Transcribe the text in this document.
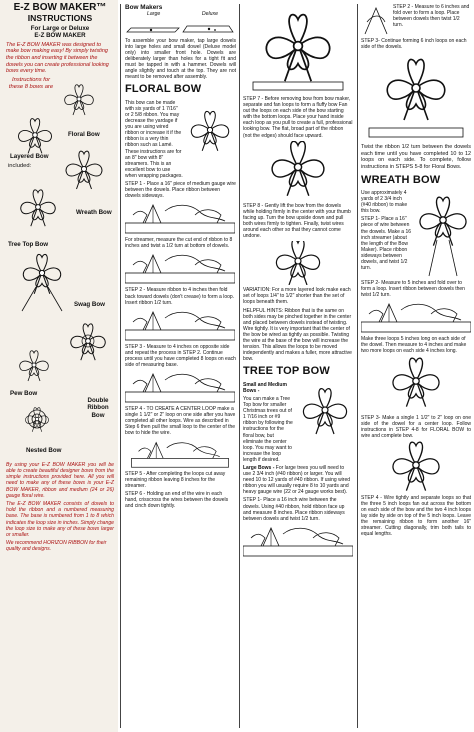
E-Z BOW MAKER™
INSTRUCTIONS
For Large or Deluxe
E-Z BOW MAKER
The E-Z BOW MAKER was designed to make bow making easy! By simply twisting the ribbon and inserting it between the dowels you can create professional looking bows every time.
Instructions for these 8 bows are
included:
Floral Bow
Layered Bow
Wreath Bow
Tree Top Bow
Swag Bow
Pew Bow
Double Ribbon Bow
Nested Bow
By using your E-Z BOW MAKER you will be able to create beautiful designer bows from the simple instructions provided here. All you will need to make any of these bows is your E-Z BOW MAKER, ribbon and medium (24 or 26) gauge floral wire.
The E-Z BOW MAKER consists of dowels to hold the ribbon and a numbered measuring base. The base is numbered from 1 to 8 which indicates the loop size in inches. Simply change the loop size to make any of these bows larger or smaller.
We recommend HORIZON RIBBON for their quality and designs.
Bow Makers
Large	Deluxe
To assemble your bow maker, tap large dowels into large holes and small dowel (Deluxe model only) into smaller front hole. Dowels are deliberately larger than holes for a tight fit and must be tapped in with a hammer. Dowels will angle slightly and touch at the top. They are not meant to be removed after assembly.
FLORAL BOW
This bow can be made with six yards of 1 7/16" or 2 5/8 ribbon. You may decrease the yardage if you are using wired ribbon or increase it if the ribbon is a very thin ribbon such as Lamé. These instructions are for an 8" bow with 8" streamers. This is an excellent bow to use when wrapping packages.
STEP 1 - Place a 16" piece of medium gauge wire between the dowels. Place ribbon between dowels sideways.
For streamer, measure the cut end of ribbon to 8 inches and twist a 1/2 turn at bottom of dowels.
STEP 2 - Measure ribbon to 4 inches then fold back toward dowels (don't crease) to form a loop. Insert ribbon 1/2 turn.
STEP 3 - Measure to 4 inches on opposite side and repeat the process in STEP 2. Continue process until you have completed 8 loops on each side of measuring base.
STEP 4 - TO CREATE A CENTER LOOP make a single 1 1/2" or 2" loop on one side after you have completed all other loops. Wire as described in Step 6 then pull the small loop to the center of the bow to hide the wire.
STEP 5 - After completing the loops cut away remaining ribbon leaving 8 inches for the streamer.
STEP 6 - Holding an end of the wire in each hand, crisscross the wires between the dowels and cinch down tightly.
STEP 7 - Before removing bow from bow maker, separate and fan loops to form a fluffy bow Fan out the loops on each side of the bow starting with the bottom loops. Place your hand inside each loop as you pull to create a full, professional looking bow. The flat, broad part of the ribbon (not the edges) should face upward.
STEP 8 - Gently lift the bow from the dowels while holding firmly in the center with your thumb facing up. Turn the bow upside down and pull both wires firmly to tighten. Finally, twist wires around each other so that they cannot come undone.
VARIATION: For a more layered look make each set of loops 1/4" to 1/2" shorter than the set of loops beneath them.
HELPFUL HINTS: Ribbon that is the same on both sides may be pinched together in the center and placed between dowels instead of twisting. Wire tightly. It is very important that the center of the bow be wired as tightly as possible. Twisting the wire at the base of the bow will increase the tension. This allows the loops to be moved independently and makes a fuller, more attractive bow.
TREE TOP BOW
Small and Medium Bows -
You can make a Tree Top bow for smaller Christmas trees out of 1 7/16 inch or #9 ribbon by following the instructions for the floral bow, but eliminate the center loop. You may want to increase the loop length if desired.
Large Bows - For large trees you will need to use 2 3/4 inch (#40 ribbon) or larger. You will need 10 to 12 yards of #40 ribbon. If using wired ribbon you will usually require 8 to 10 yards and heavy gauge wire (22 or 24 gauge works best).
STEP 1- Place a 16 inch wire between the dowels. Using #40 ribbon, hold ribbon face up and measure 8 inches. Place ribbon sideways between dowels and twist 1/2 turn.
STEP 2 - Measure to 6 inches and fold over to form a loop. Place between dowels then twist 1/2 turn.
STEP 3- Continue forming 6 inch loops on each side of the dowels.
Twist the ribbon 1/2 turn between the dowels each time until you have completed 10 to 12 loops on each side. To complete, follow instructions in STEPS 5-8 for Floral Bows.
WREATH BOW
Use approximately 4 yards of 2 3/4 inch (#40 ribbon) to make this bow.
STEP 1- Place a 16" piece of wire between the dowels. Make a 16 inch streamer (about the length of the Bow Maker). Place ribbon sideways between dowels, and twist 1/2 turn.
STEP 2- Measure to 5 inches and fold over to form a loop. Insert ribbon between dowels then twist 1/2 turn.
Make three loops 5 inches long on each side of the dowel. Then measure to 4 inches and make two more loops on each side 4 inches long.
STEP 3- Make a single 1 1/2" to 2" loop on one side of the dowel for a center loop. Follow instructions in STEP 4-8 for FLORAL BOW to wire and complete bow.
STEP 4 - Wire tightly and separate loops so that the three 5 inch loops fan out across the bottom on each side of the bow and the two 4 inch loops lay side by side on top of the 5 inch loops. Leave the remaining ribbon to form another 16" streamer. Cutting diagonally, trim both tails to equal lengths.
